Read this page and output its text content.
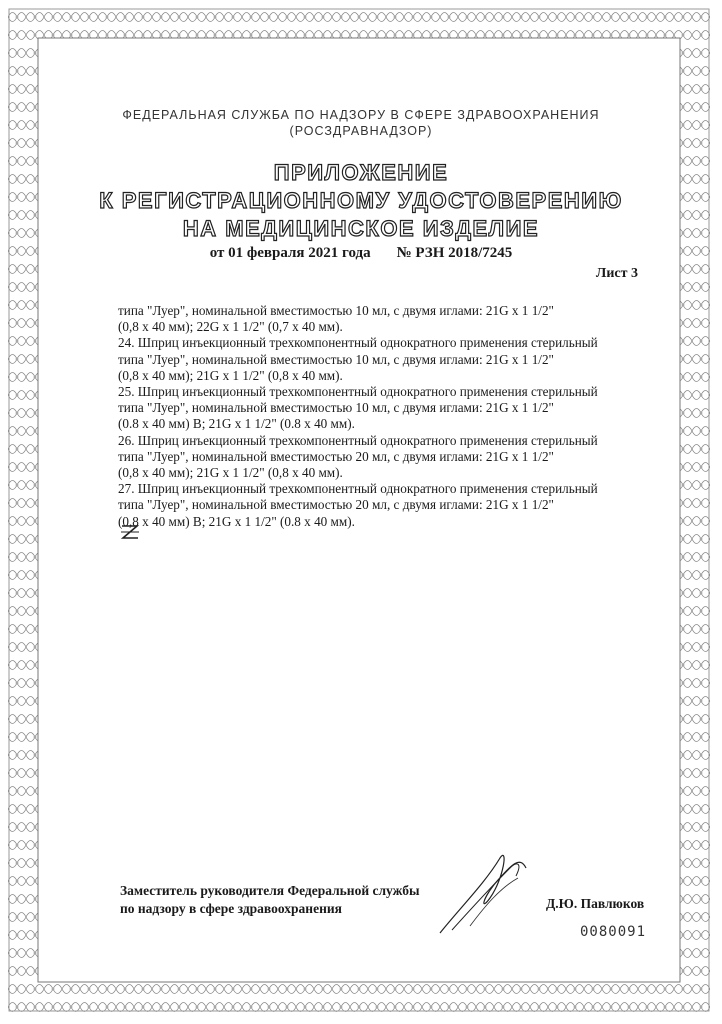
ФЕДЕРАЛЬНАЯ СЛУЖБА ПО НАДЗОРУ В СФЕРЕ ЗДРАВООХРАНЕНИЯ
(РОСЗДРАВНАДЗОР)
ПРИЛОЖЕНИЕ
К РЕГИСТРАЦИОННОМУ УДОСТОВЕРЕНИЮ
НА МЕДИЦИНСКОЕ ИЗДЕЛИЕ
от 01 февраля 2021 года № РЗН 2018/7245
Лист 3
типа "Луер", номинальной вместимостью 10 мл, с двумя иглами: 21G x 1 1/2"
(0,8 x 40 мм); 22G x 1 1/2" (0,7 x 40 мм).
24. Шприц инъекционный трехкомпонентный однократного применения стерильный
типа "Луер", номинальной вместимостью 10 мл, с двумя иглами: 21G x 1 1/2"
(0,8 x 40 мм); 21G x 1 1/2" (0,8 x 40 мм).
25. Шприц инъекционный трехкомпонентный однократного применения стерильный
типа "Луер", номинальной вместимостью 10 мл, с двумя иглами: 21G x 1 1/2"
(0.8 x 40 мм) B; 21G x 1 1/2" (0.8 x 40 мм).
26. Шприц инъекционный трехкомпонентный однократного применения стерильный
типа "Луер", номинальной вместимостью 20 мл, с двумя иглами: 21G x 1 1/2"
(0,8 x 40 мм); 21G x 1 1/2" (0,8 x 40 мм).
27. Шприц инъекционный трехкомпонентный однократного применения стерильный
типа "Луер", номинальной вместимостью 20 мл, с двумя иглами: 21G x 1 1/2"
(0,8 x 40 мм) B; 21G x 1 1/2" (0.8 x 40 мм).
Заместитель руководителя Федеральной службы
по надзору в сфере здравоохранения	Д.Ю. Павлюков
0080091
